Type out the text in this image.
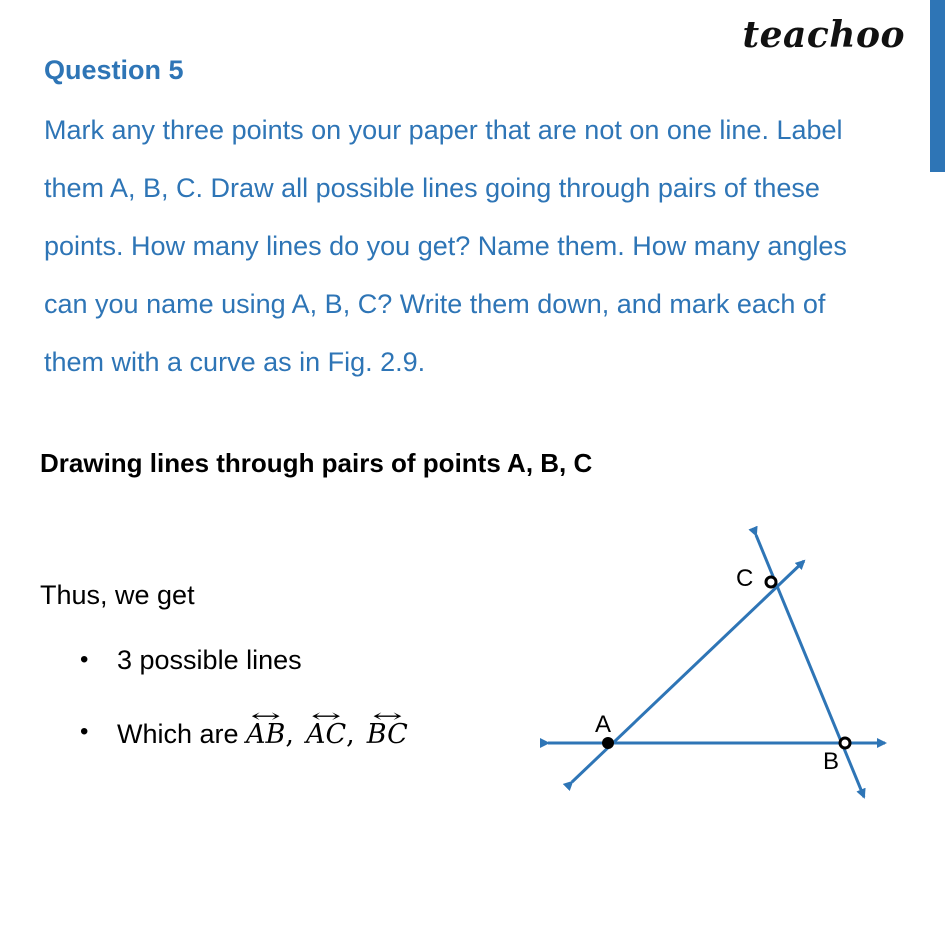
teachoo
Question 5

Mark any three points on your paper that are not on one line. Label
them A, B, C. Draw all possible lines going through pairs of these
points. How many lines do you get? Name them. How many angles
can you name using A, B, C? Write them down, and mark each of
them with a curve as in Fig. 2.9.

Drawing lines through pairs of points A, B, C
Thus, we get
• 3 possible lines
• Which are ↔ AB, ↔ AC, ↔ BC	A
B
C
